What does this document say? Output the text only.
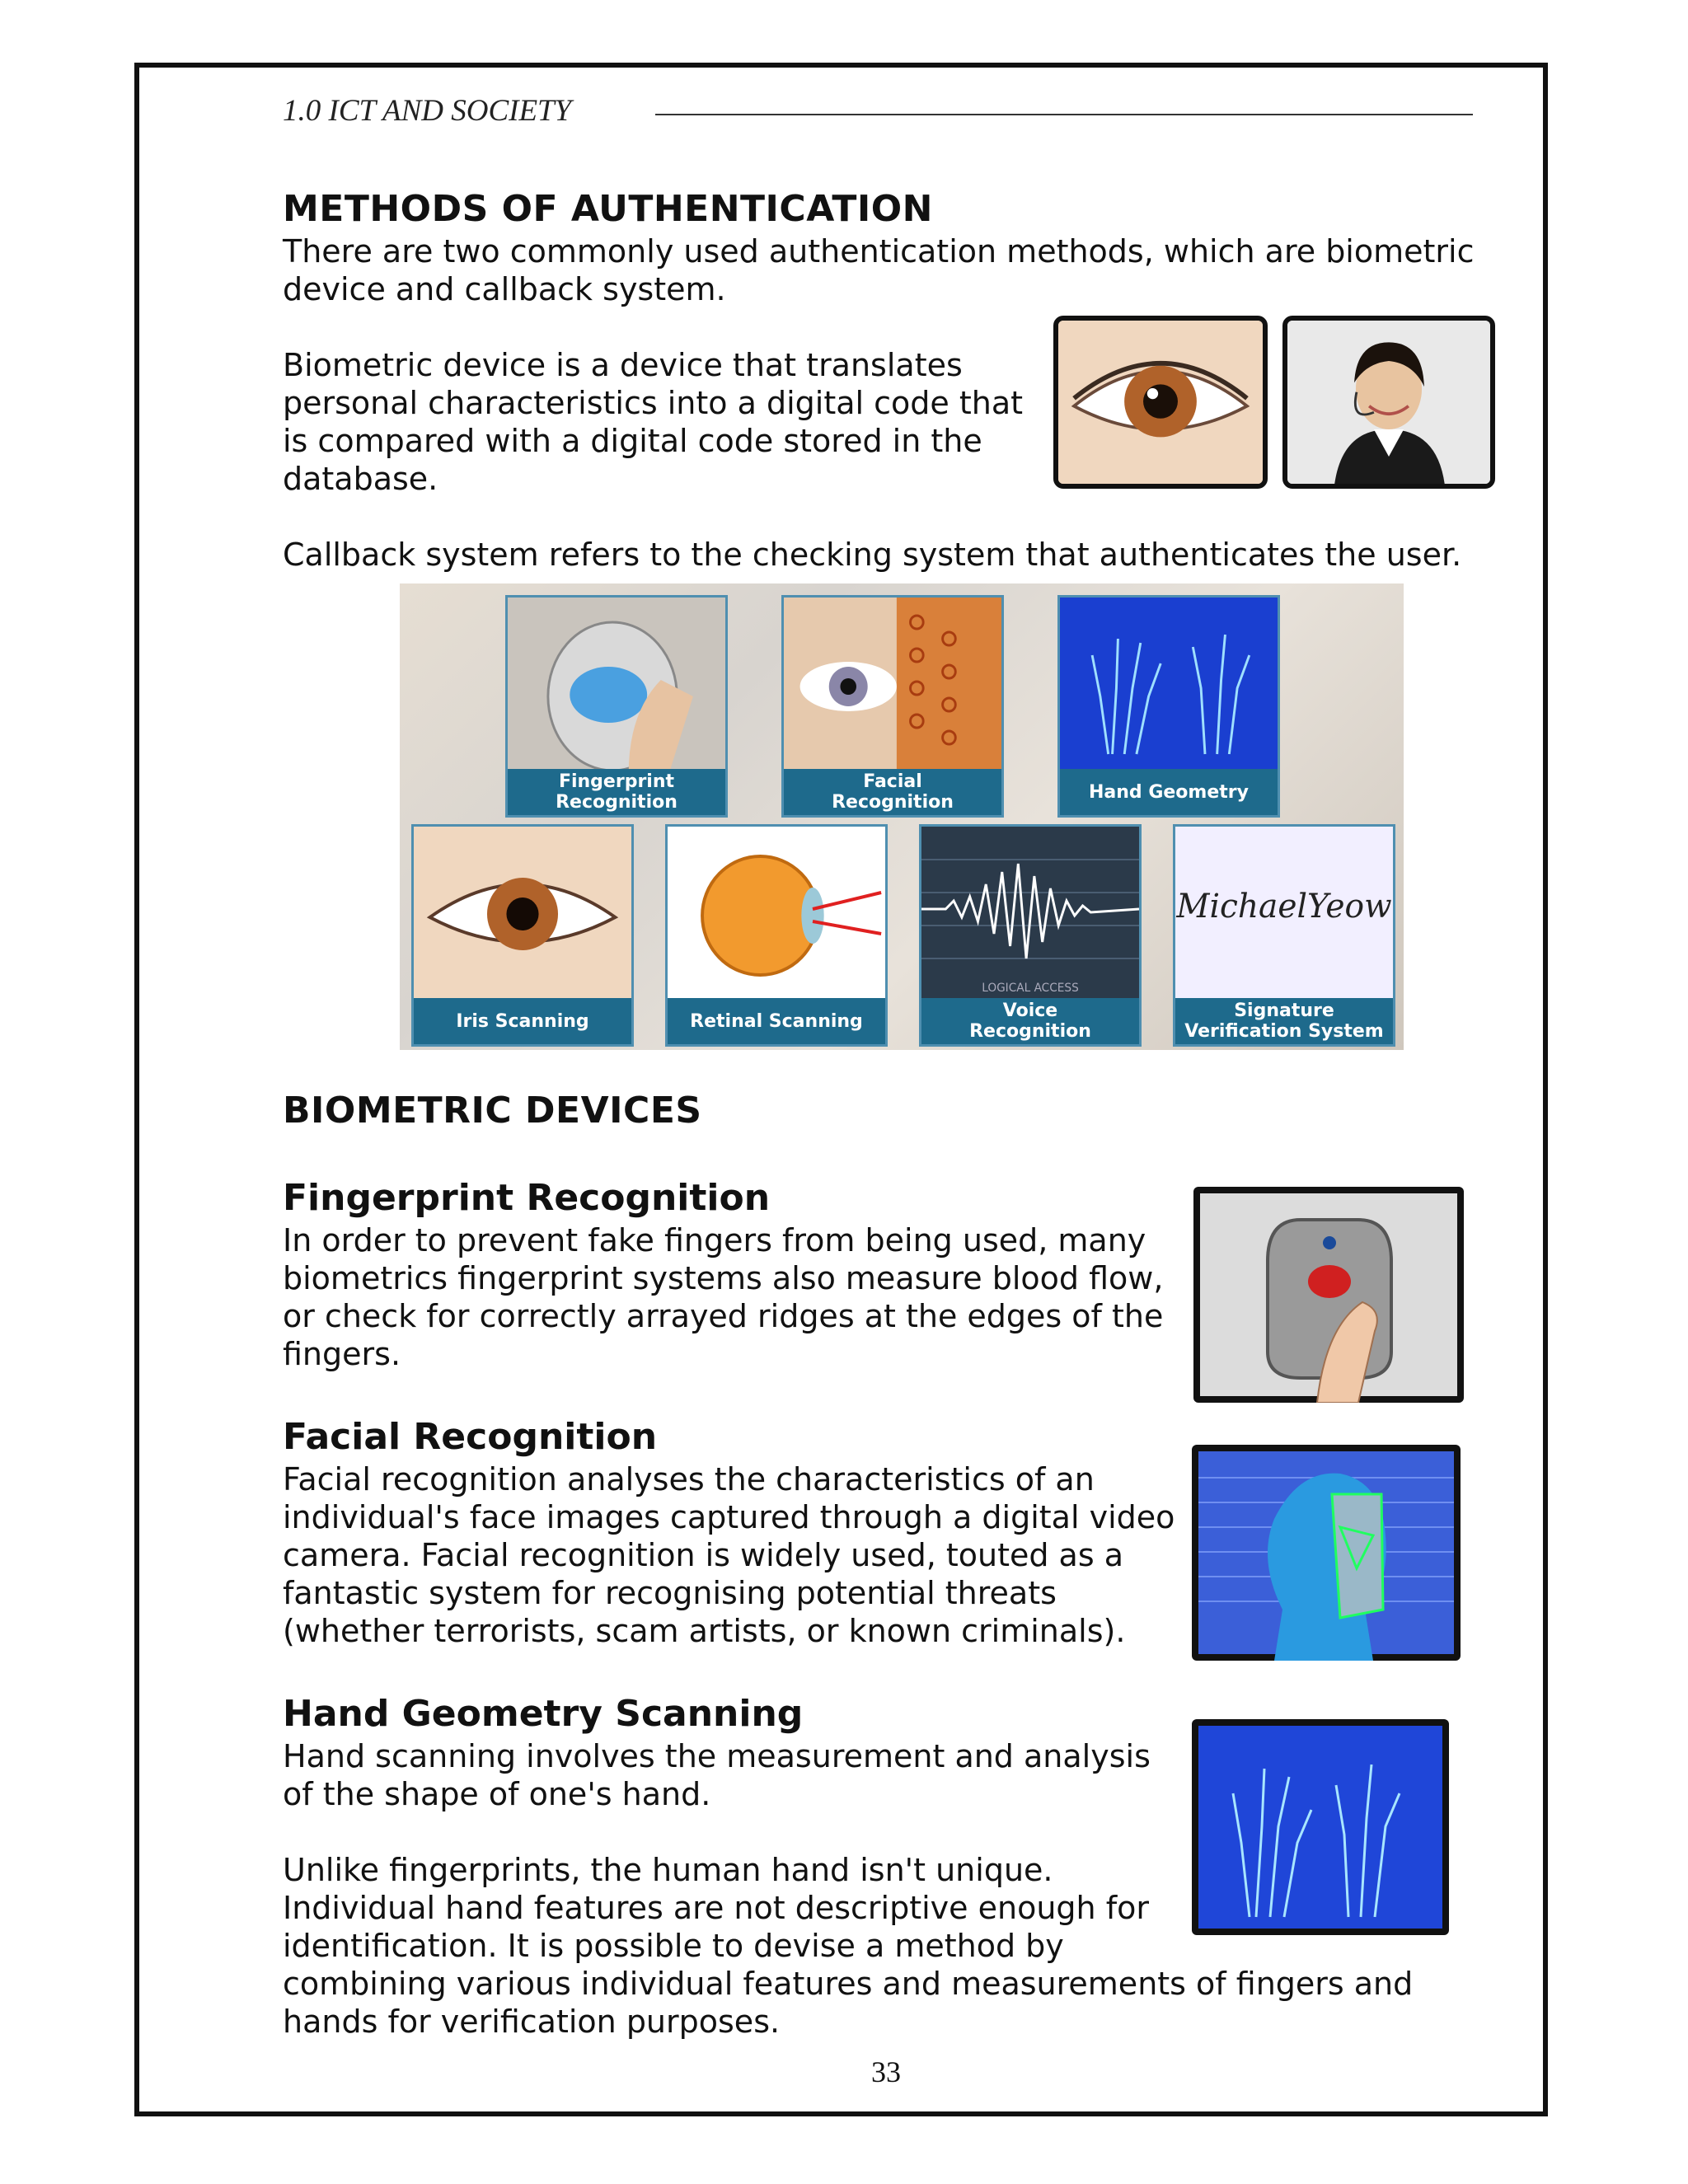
1.0 ICT AND SOCIETY
METHODS OF AUTHENTICATION
There are two commonly used authentication methods, which are biometric
device and callback system.
Biometric device is a device that translates
personal characteristics into a digital code that
is compared with a digital code stored in the
database.
Callback system refers to the checking system that authenticates the user.
Fingerprint
Recognition
Facial
Recognition	Hand Geometry
Iris Scanning	Retinal Scanning
LOGICAL ACCESS
Voice
Recognition
MichaelYeow
Signature
Verification System
BIOMETRIC DEVICES
Fingerprint Recognition
In order to prevent fake fingers from being used, many
biometrics fingerprint systems also measure blood flow,
or check for correctly arrayed ridges at the edges of the
fingers.
Facial Recognition
Facial recognition analyses the characteristics of an
individual's face images captured through a digital video
camera. Facial recognition is widely used, touted as a
fantastic system for recognising potential threats
(whether terrorists, scam artists, or known criminals).
Hand Geometry Scanning
Hand scanning involves the measurement and analysis
of the shape of one's hand.
Unlike fingerprints, the human hand isn't unique.
Individual hand features are not descriptive enough for
identification. It is possible to devise a method by
combining various individual features and measurements of fingers and
hands for verification purposes.
33
